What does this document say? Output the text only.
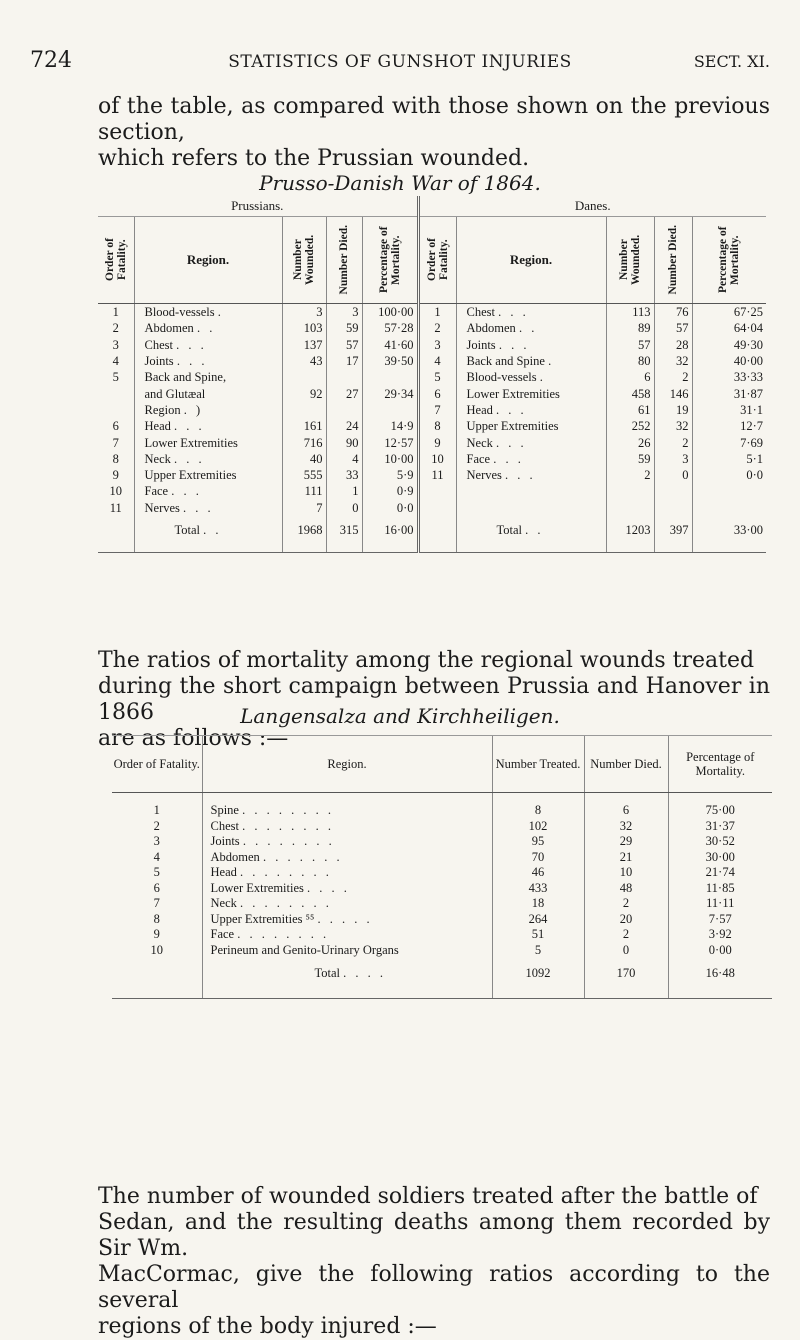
724	STATISTICS OF GUNSHOT INJURIES	SECT. XI.
of the table, as compared with those shown on the previous section,
which refers to the Prussian wounded.
Prusso-Danish War of 1864.
Prussians.					Danes.				

Order of Fatality.	Region.	Number Wounded.	Number Died.	Percentage of Mortality.	Order of Fatality.	Region.	Number Wounded.	Number Died.	Percentage of Mortality.

1	Blood-vessels .	3	3	100·00	1	Chest . . .	113	76	67·25
2	Abdomen . .	103	59	57·28	2	Abdomen . .	89	57	64·04
3	Chest . . .	137	57	41·60	3	Joints . . .	57	28	49·30
4	Joints . . .	43	17	39·50	4	Back and Spine .	80	32	40·00
5	Back and Spine,				5	Blood-vessels .	6	2	33·33
	and Glutæal	92	27	29·34	6	Lower Extremities	458	146	31·87
	Region . )				7	Head . . .	61	19	31·1
6	Head . . .	161	24	14·9	8	Upper Extremities	252	32	12·7
7	Lower Extremities	716	90	12·57	9	Neck . . .	26	2	7·69
8	Neck . . .	40	4	10·00	10	Face . . .	59	3	5·1
9	Upper Extremities	555	33	5·9	11	Nerves . . .	2	0	0·0
10	Face . . .	111	1	0·9					
11	Nerves . . .	7	0	0·0					
	Total . .	1968	315	16·00		Total . .	1203	397	33·00

The ratios of mortality among the regional wounds treated
during the short campaign between Prussia and Hanover in 1866
are as follows :—
Langensalza and Kirchheiligen.
Order of Fatality.	Region.	Number Treated.	Number Died.	Percentage of Mortality.

1	Spine . . . . . . . .	8	6	75·00
2	Chest . . . . . . . .	102	32	31·37
3	Joints . . . . . . . .	95	29	30·52
4	Abdomen . . . . . . .	70	21	30·00
5	Head . . . . . . . .	46	10	21·74
6	Lower Extremities . . . .	433	48	11·85
7	Neck . . . . . . . .	18	2	11·11
8	Upper Extremities ⁵⁵ . . . . .	264	20	7·57
9	Face . . . . . . . .	51	2	3·92
10	Perineum and Genito-Urinary Organs	5	0	0·00
	Total . . . .	1092	170	16·48

The number of wounded soldiers treated after the battle of
Sedan, and the resulting deaths among them recorded by Sir Wm.
MacCormac, give the following ratios according to the several
regions of the body injured :—
